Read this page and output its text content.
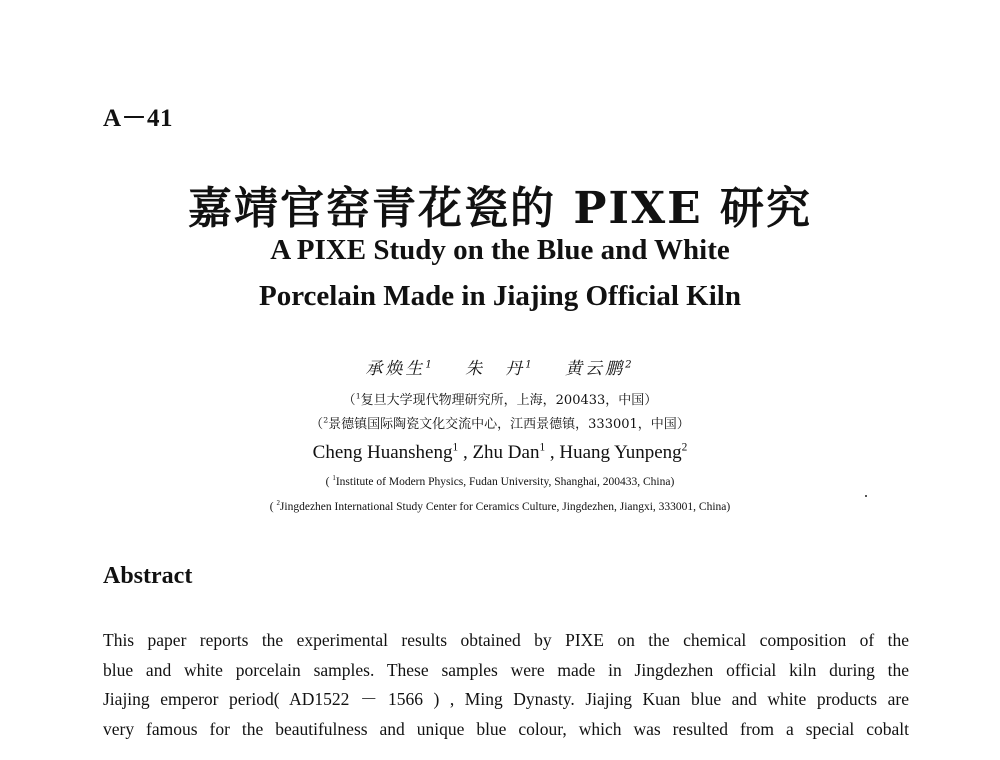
A－41
嘉靖官窑青花瓷的 PIXE 研究
A PIXE Study on the Blue and White
Porcelain Made in Jiajing Official Kiln
承焕生$^1$ 朱　丹$^1$ 黄云鹏$^2$
（$^1$复旦大学现代物理研究所，上海，200433，中国）
（$^2$景德镇国际陶瓷文化交流中心，江西景德镇，333001，中国）
Cheng Huansheng$^1$ , Zhu Dan$^1$ , Huang Yunpeng$^2$
( $^1$Institute of Modern Physics, Fudan University, Shanghai, 200433, China)
( $^2$Jingdezhen International Study Center for Ceramics Culture, Jingdezhen, Jiangxi, 333001, China)
Abstract
This paper reports the experimental results obtained by PIXE on the chemical composition of the
blue and white porcelain samples. These samples were made in Jingdezhen official kiln during the
Jiajing emperor period( AD1522 － 1566 ) , Ming Dynasty. Jiajing Kuan blue and white products are
very famous for the beautifulness and unique blue colour, which was resulted from a special cobalt
